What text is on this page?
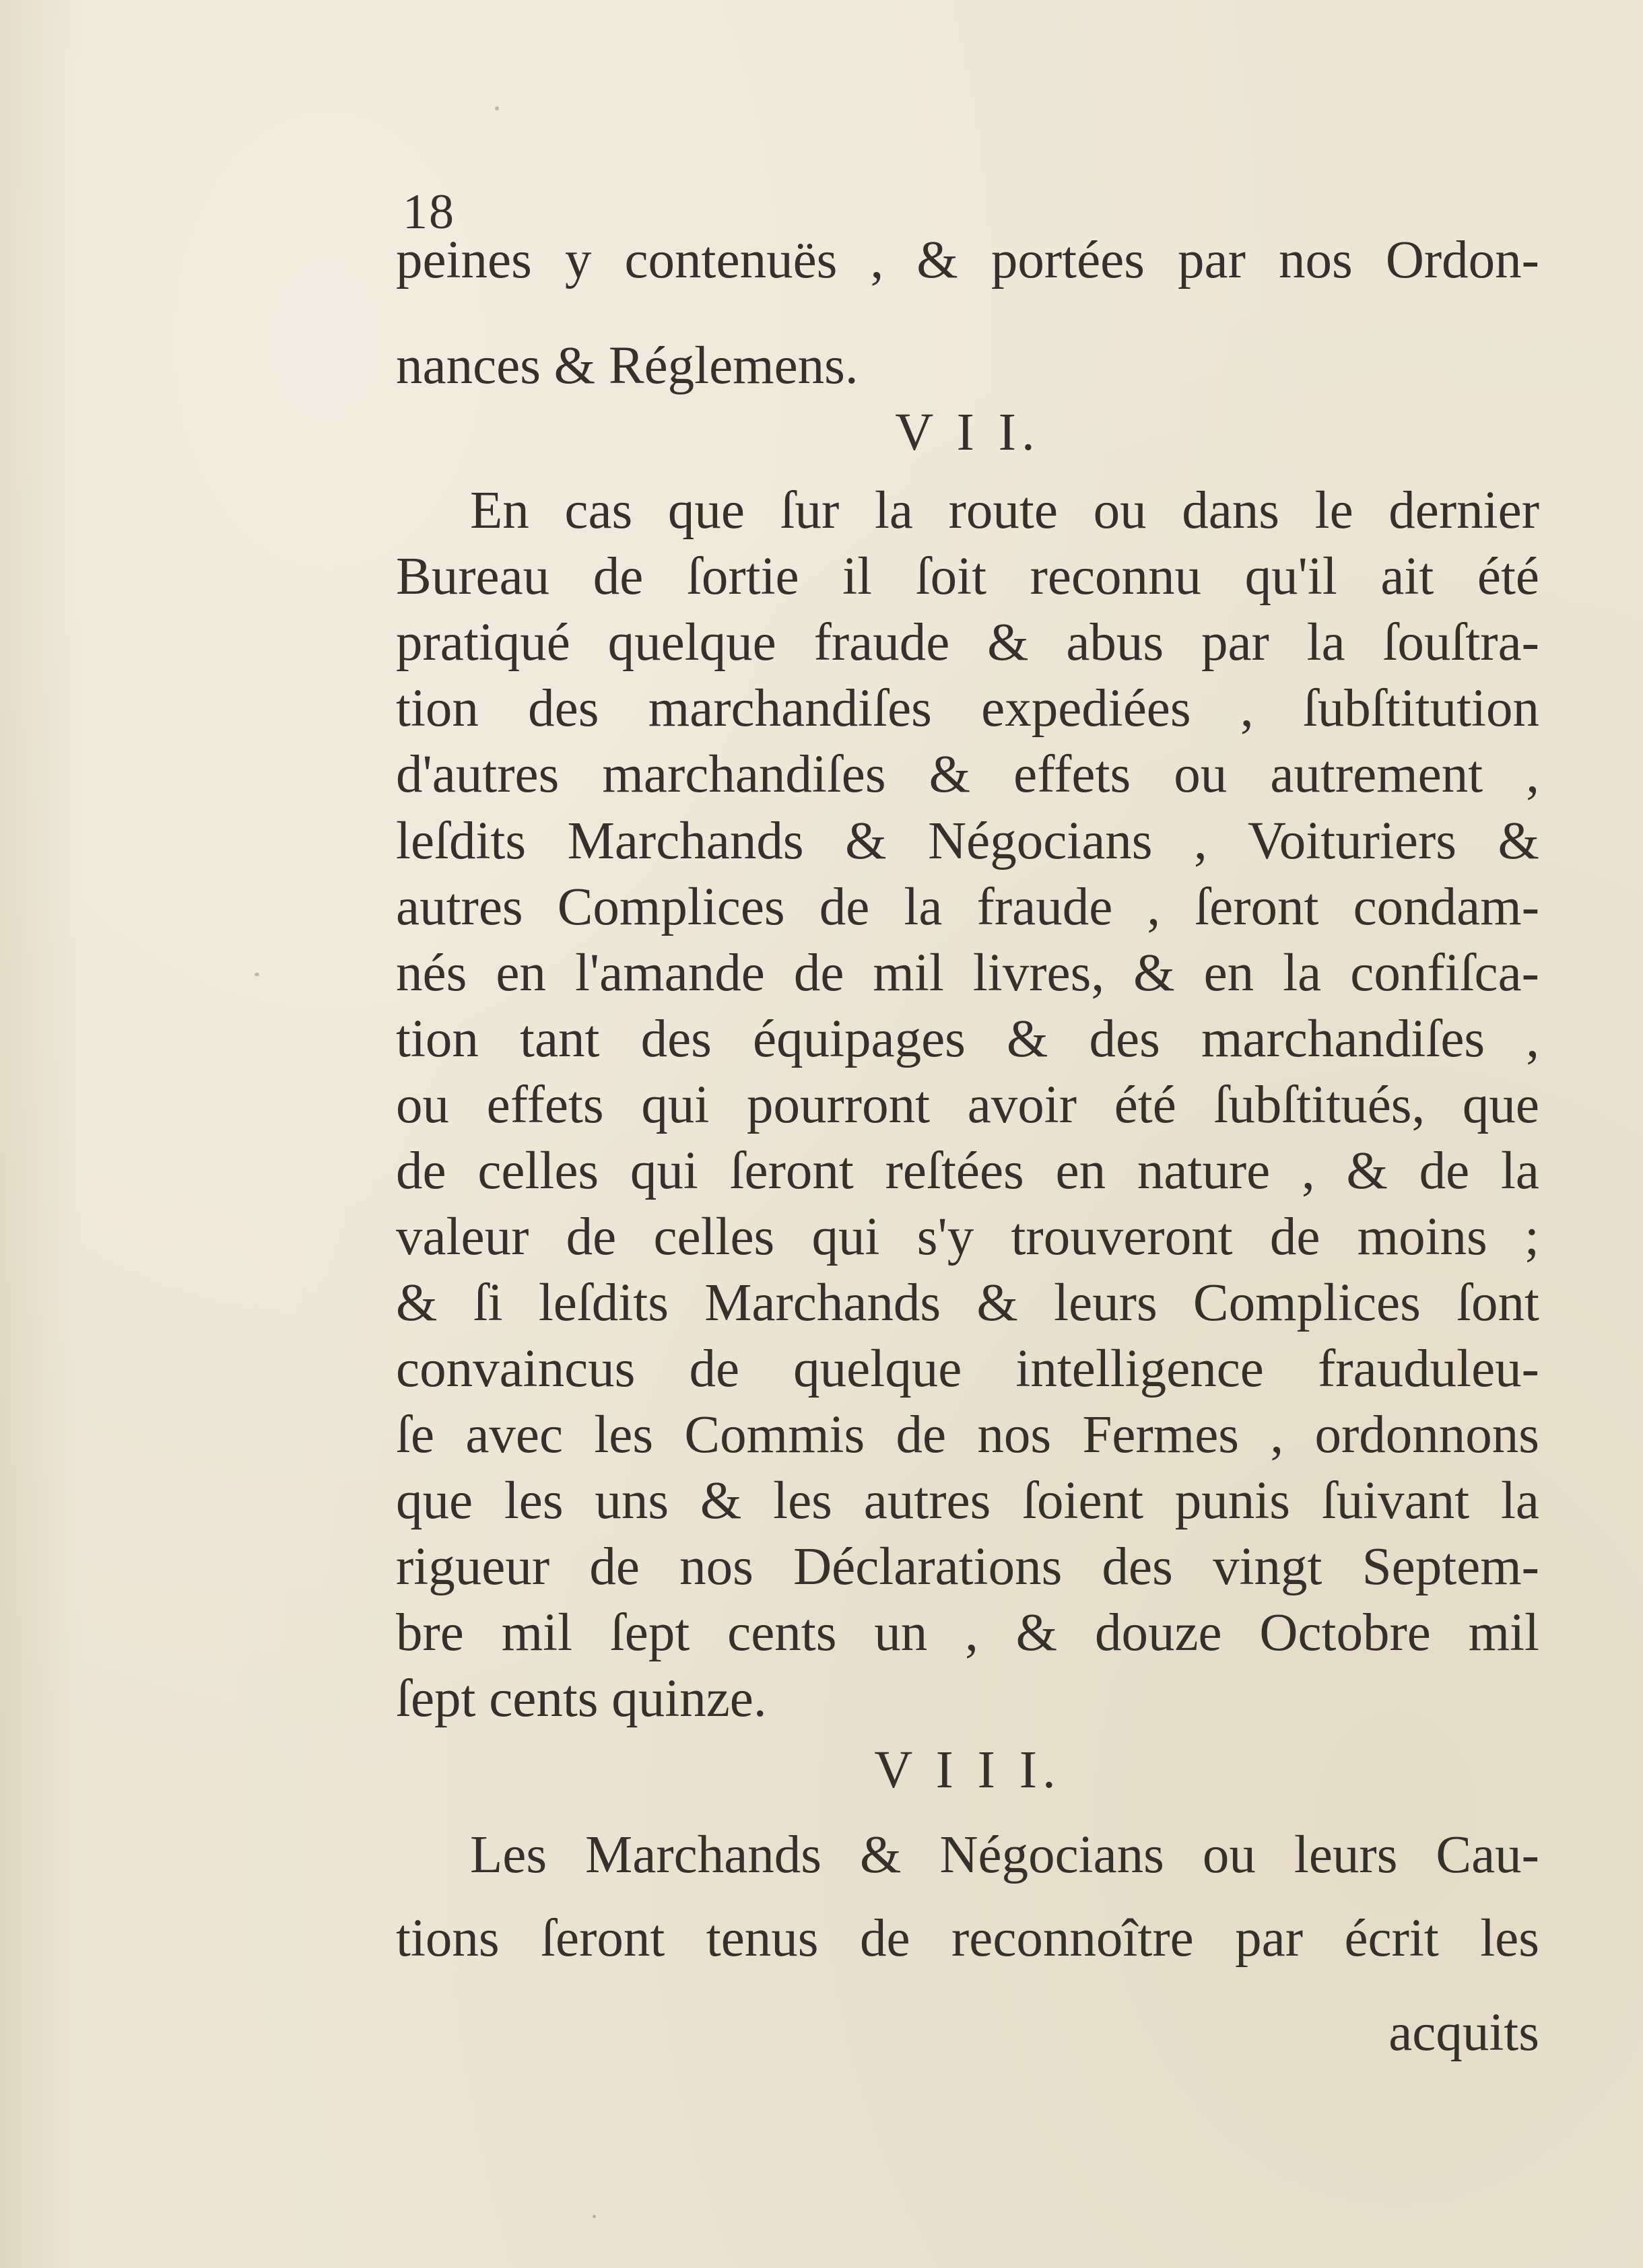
18
peines y contenuës , & portées par nos Ordon-
nances & Réglemens.
V I I.
En cas que ſur la route ou dans le dernier
Bureau de ſortie il ſoit reconnu qu'il ait été
pratiqué quelque fraude & abus par la ſouſtra-
tion des marchandiſes expediées , ſubſtitution
d'autres marchandiſes & effets ou autrement ,
leſdits Marchands & Négocians , Voituriers &
autres Complices de la fraude , ſeront condam-
nés en l'amande de mil livres, & en la confiſca-
tion tant des équipages & des marchandiſes ,
ou effets qui pourront avoir été ſubſtitués, que
de celles qui ſeront reſtées en nature , & de la
valeur de celles qui s'y trouveront de moins ;
& ſi leſdits Marchands & leurs Complices ſont
convaincus de quelque intelligence frauduleu-
ſe avec les Commis de nos Fermes , ordonnons
que les uns & les autres ſoient punis ſuivant la
rigueur de nos Déclarations des vingt Septem-
bre mil ſept cents un , & douze Octobre mil
ſept cents quinze.
V I I I.
Les Marchands & Négocians ou leurs Cau-
tions ſeront tenus de reconnoître par écrit les
acquits
